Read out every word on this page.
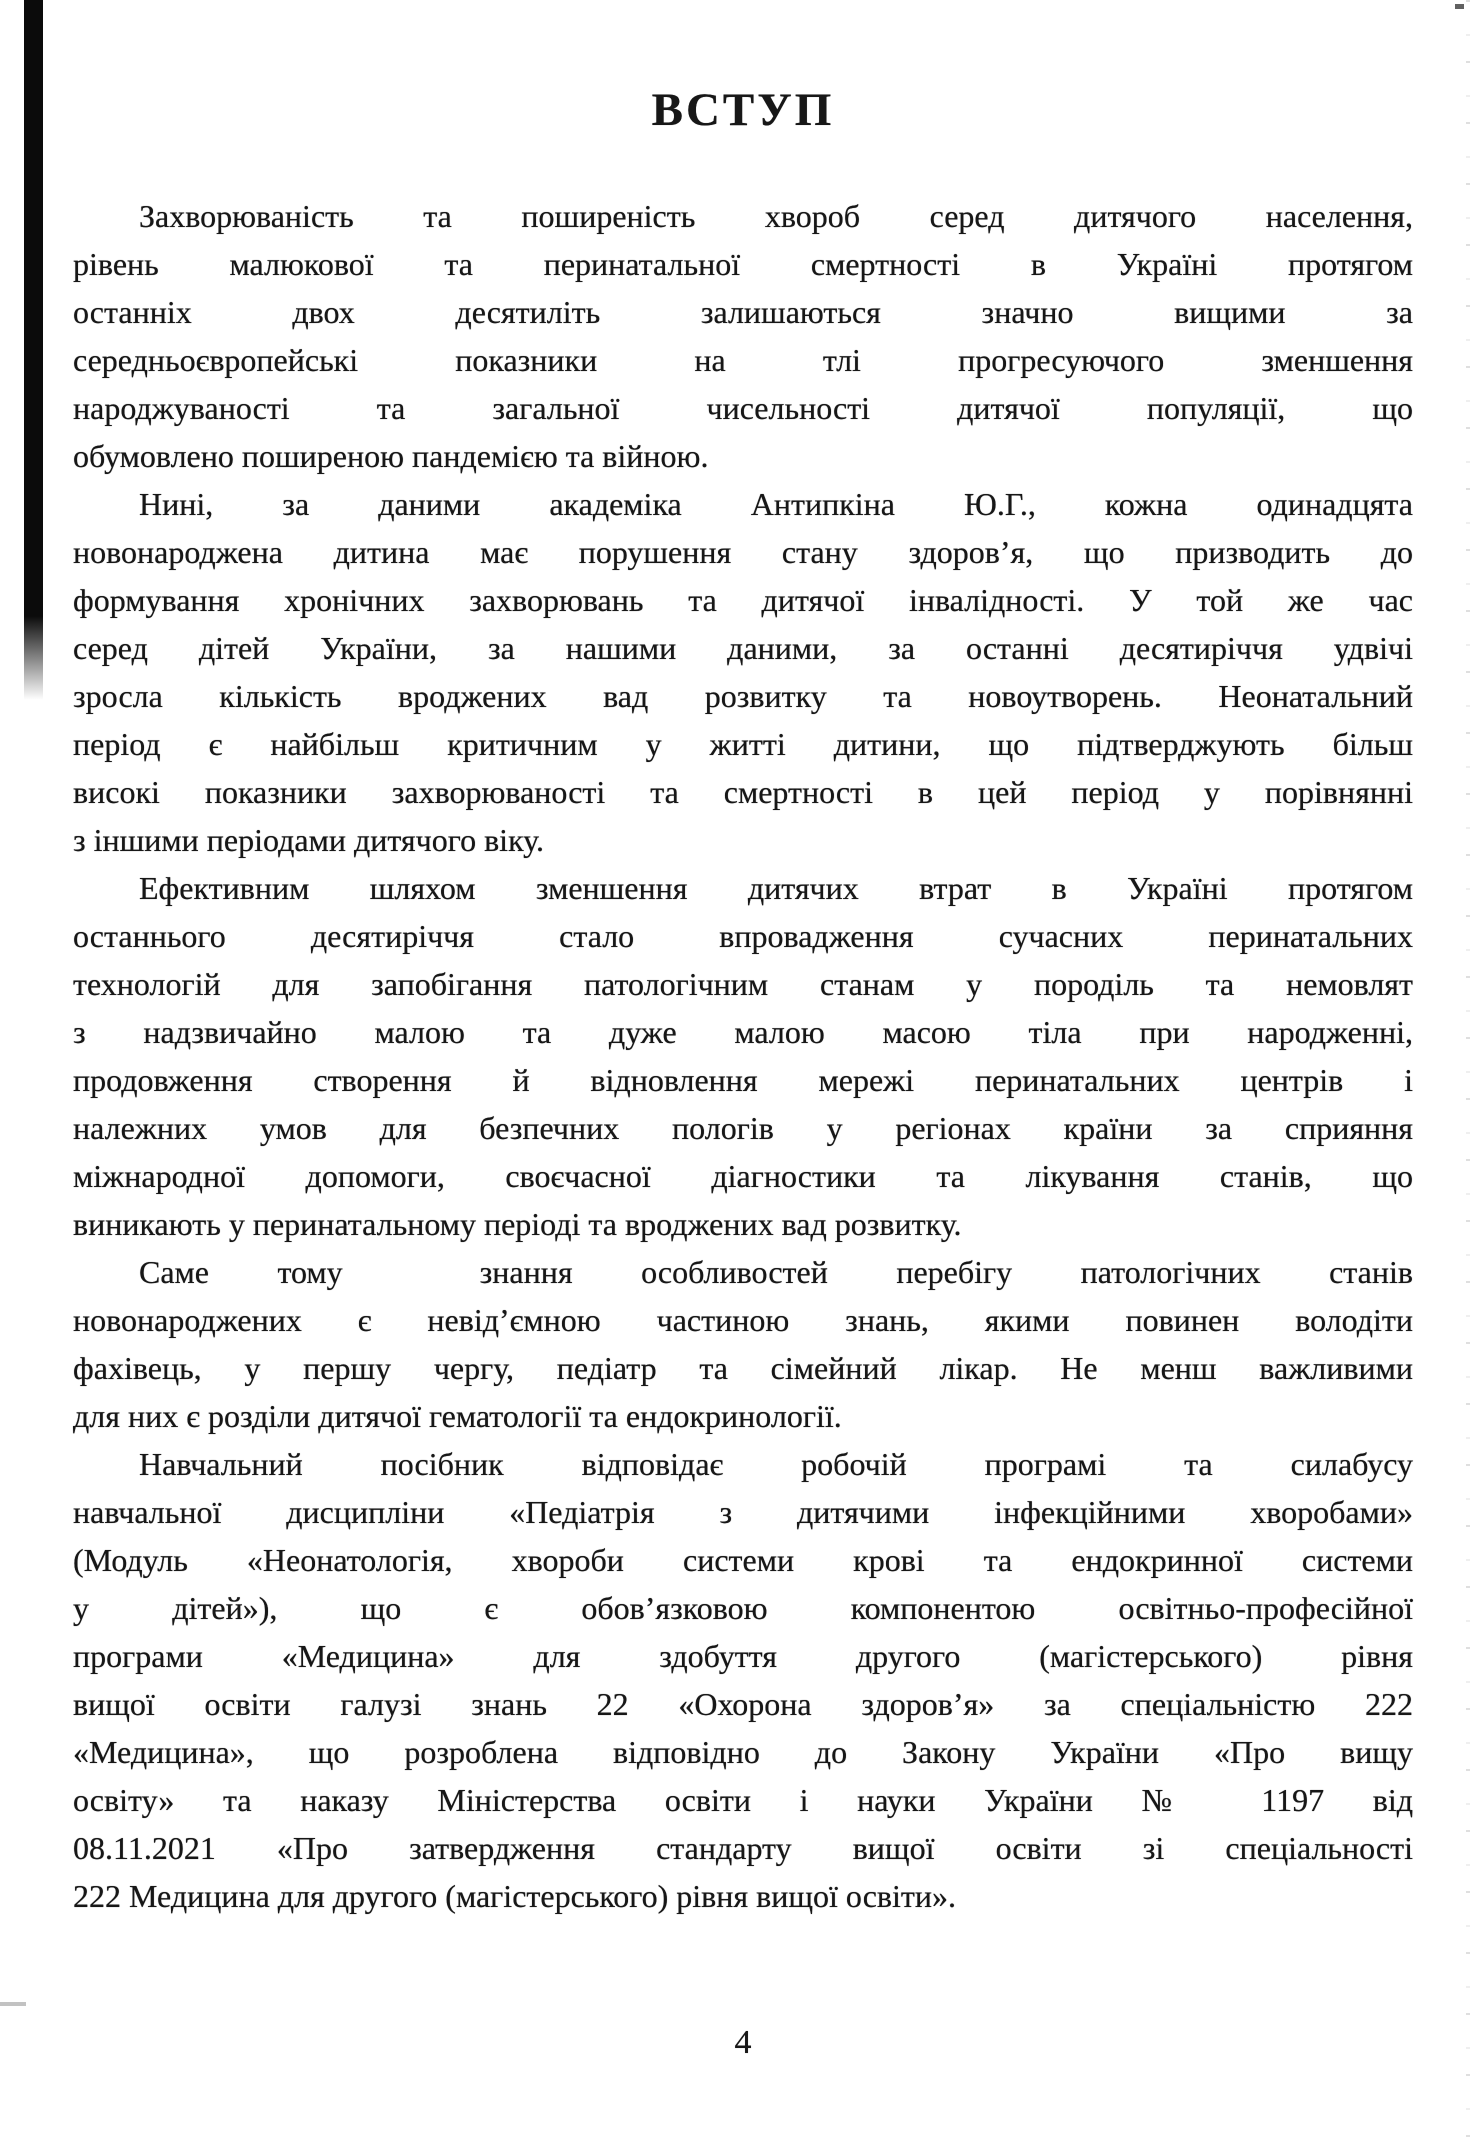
ВСТУП
Захворюваність та поширеність хвороб серед дитячого населення,
рівень малюкової та перинатальної смертності в Україні протягом
останніх двох десятиліть залишаються значно вищими за
середньоєвропейські показники на тлі прогресуючого зменшення
народжуваності та загальної чисельності дитячої популяції, що
обумовлено поширеною пандемією та війною.
Нині, за даними академіка Антипкіна Ю.Г., кожна одинадцята
новонароджена дитина має порушення стану здоров’я, що призводить до
формування хронічних захворювань та дитячої інвалідності. У той же час
серед дітей України, за нашими даними, за останні десятиріччя удвічі
зросла кількість вроджених вад розвитку та новоутворень. Неонатальний
період є найбільш критичним у житті дитини, що підтверджують більш
високі показники захворюваності та смертності в цей період у порівнянні
з іншими періодами дитячого віку.
Ефективним шляхом зменшення дитячих втрат в Україні протягом
останнього десятиріччя стало впровадження сучасних перинатальних
технологій для запобігання патологічним станам у породіль та немовлят
з надзвичайно малою та дуже малою масою тіла при народженні,
продовження створення й відновлення мережі перинатальних центрів і
належних умов для безпечних пологів у регіонах країни за сприяння
міжнародної допомоги, своєчасної діагностики та лікування станів, що
виникають у перинатальному періоді та вроджених вад розвитку.
Саме тому  знання особливостей перебігу патологічних станів
новонароджених є невід’ємною частиною знань, якими повинен володіти
фахівець, у першу чергу, педіатр та сімейний лікар. Не менш важливими
для них є розділи дитячої гематології та ендокринології.
Навчальний посібник відповідає робочій програмі та силабусу
навчальної дисципліни «Педіатрія з дитячими інфекційними хворобами»
(Модуль «Неонатологія, хвороби системи крові та ендокринної системи
у дітей»), що є обов’язковою компонентою освітньо-професійної
програми «Медицина» для здобуття другого (магістерського) рівня
вищої освіти галузі знань 22 «Охорона здоров’я» за спеціальністю 222
«Медицина», що розроблена відповідно до Закону України «Про вищу
освіту» та наказу Міністерства освіти і науки України № 1197 від
08.11.2021 «Про затвердження стандарту вищої освіти зі спеціальності
222 Медицина для другого (магістерського) рівня вищої освіти».
4
